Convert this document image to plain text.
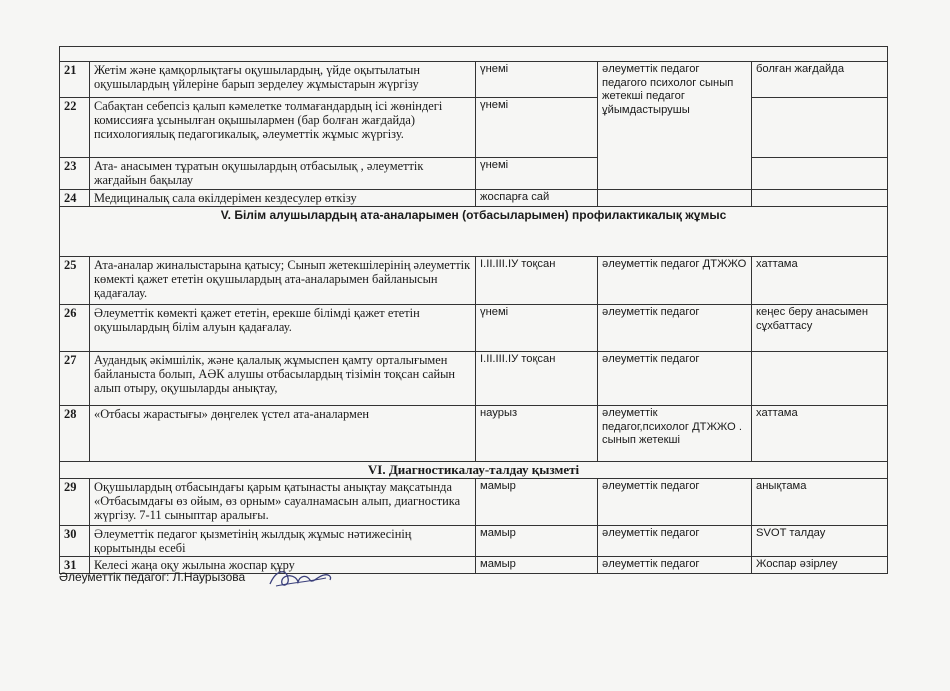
21	Жетім және қамқорлықтағы оқушылардың, үйде оқытылатын оқушылардың үйлеріне барып зерделеу жұмыстарын жүргізу	үнемі	әлеуметтік педагог педагого психолог сынып жетекші педагог ұйымдастырушы	болған жағдайда
22	Сабақтан себепсіз қалып кәмелетке толмағандардың ісі жөніндегі комиссияға ұсынылған оқышылармен (бар болған жағдайда) психологиялық педагогикалық, әлеуметтік жұмыс жүргізу.	үнемі		
23	Ата- анасымен тұратын оқушылардың отбасылық , әлеуметтік жағдайын бақылау	үнемі		
24	Медициналық сала өкілдерімен кездесулер өткізу	жоспарға сай		
V. Білім алушылардың ата-аналарымен (отбасыларымен) профилактикалық жұмыс				
25	Ата-аналар жиналыстарына қатысу; Сынып жетекшілерінің әлеуметтік көмекті қажет ететін оқушылардың ата-аналарымен байланысын қадағалау.	І.ІІ.ІІІ.ІУ тоқсан	әлеуметтік педагог ДТЖЖО	хаттама
26	Әлеуметтік көмекті қажет ететін, ерекше білімді қажет ететін оқушылардың білім алуын қадағалау.	үнемі	әлеуметтік педагог	кеңес беру анасымен сұхбаттасу
27	Аудандық әкімшілік, және қалалық жұмыспен қамту орталығымен байланыста болып, АӘК алушы отбасылардың тізімін тоқсан сайын алып отыру, оқушыларды анықтау,	І.ІІ.ІІІ.ІУ тоқсан	әлеуметтік педагог	
28	«Отбасы жарастығы» дөңгелек үстел ата-аналармен	наурыз	әлеуметтік педагог,психолог ДТЖЖО . сынып жетекші	хаттама
VI. Диагностикалау-талдау қызметі				
29	Оқушылардың отбасындағы қарым қатынасты анықтау мақсатында «Отбасымдағы өз ойым, өз орным» сауалнамасын алып, диагностика жүргізу. 7-11 сыныптар аралығы.	мамыр	әлеуметтік педагог	анықтама
30	Әлеуметтік педагог қызметінің жылдық жұмыс нәтижесінің қорытынды есебі	мамыр	әлеуметтік педагог	SVOT талдау
31	Келесі жаңа оқу жылына жоспар құру	мамыр	әлеуметтік педагог	Жоспар әзірлеу
Әлеуметтік педагог: Л.Наурызова
